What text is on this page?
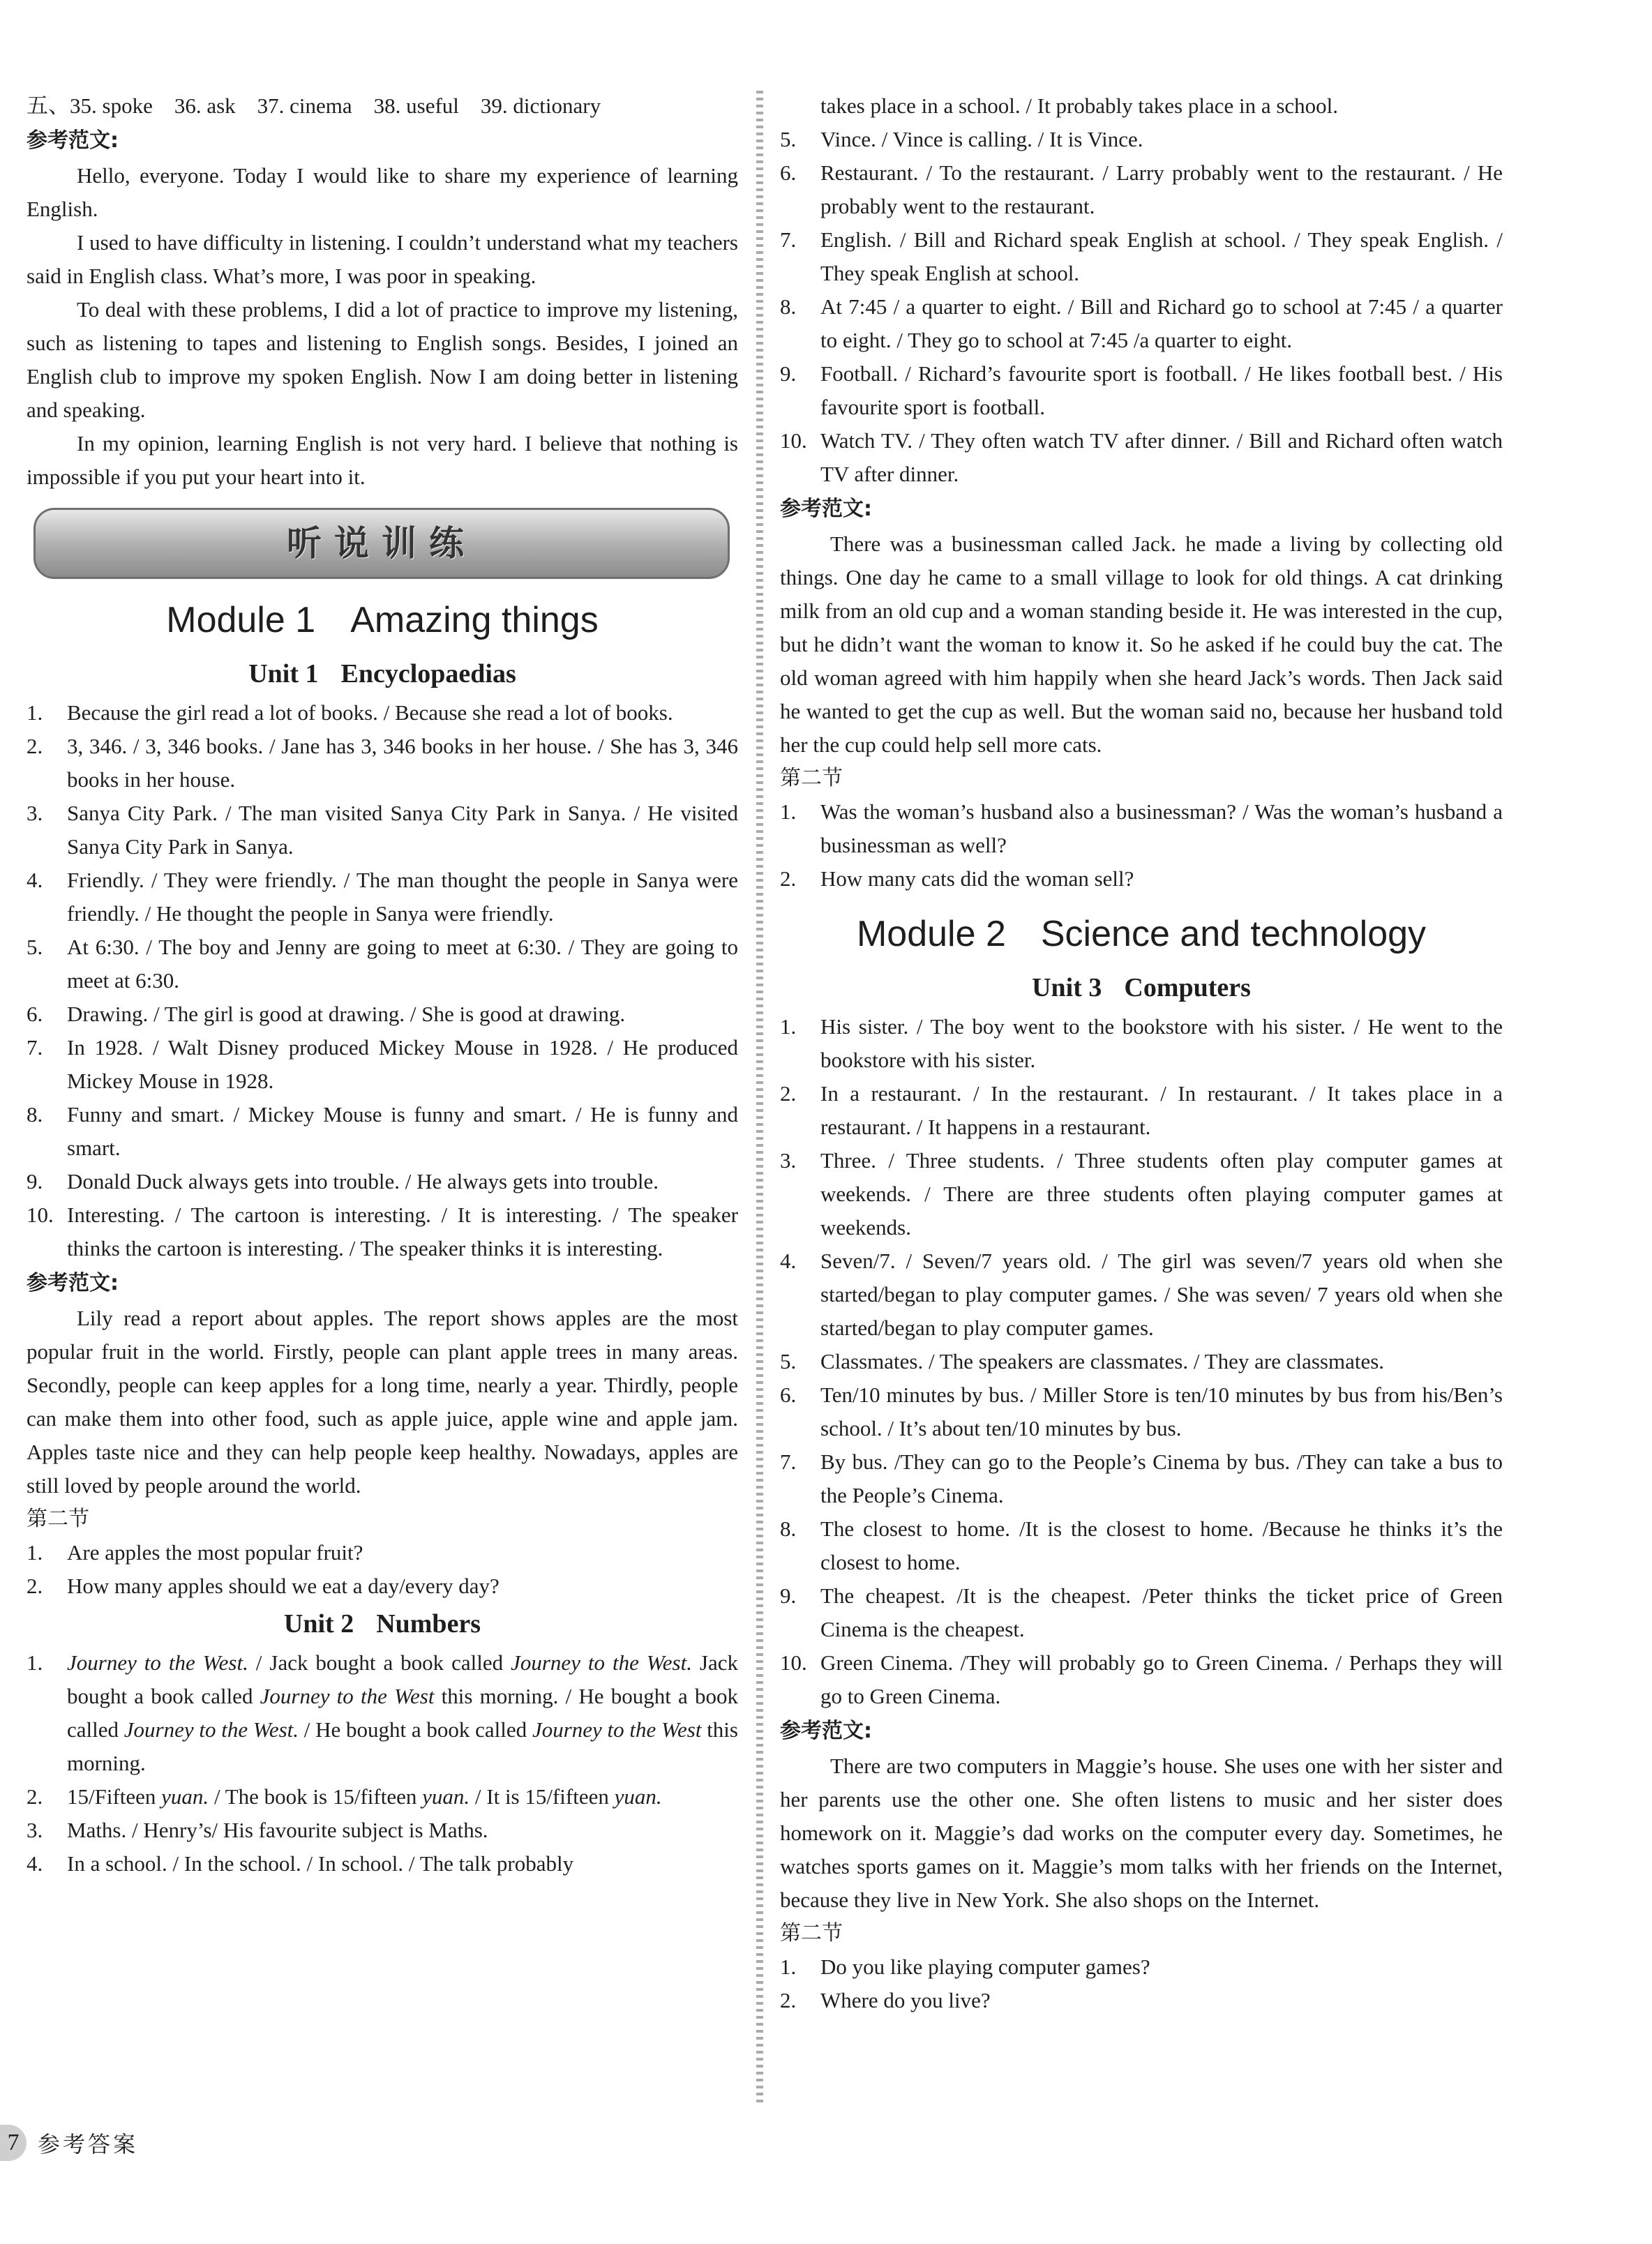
五、35. spoke　36. ask　37. cinema　38. useful　39. dictionary

参考范文:

Hello, everyone. Today I would like to share my experience of learning English.

I used to have difficulty in listening. I couldn’t understand what my teachers said in English class. What’s more, I was poor in speaking.

To deal with these problems, I did a lot of practice to improve my listening, such as listening to tapes and listening to English songs. Besides, I joined an English club to improve my spoken English. Now I am doing better in listening and speaking.

In my opinion, learning English is not very hard. I believe that nothing is impossible if you put your heart into it.

听说训练
Module 1 Amazing things
Unit 1 Encyclopaedias
1.	Because the girl read a lot of books. / Because she read a lot of books.
2.	3, 346. / 3, 346 books. / Jane has 3, 346 books in her house. / She has 3, 346 books in her house.
3.	Sanya City Park. / The man visited Sanya City Park in Sanya. / He visited Sanya City Park in Sanya.
4.	Friendly. / They were friendly. / The man thought the people in Sanya were friendly. / He thought the people in Sanya were friendly.
5.	At 6:30. / The boy and Jenny are going to meet at 6:30. / They are going to meet at 6:30.
6.	Drawing. / The girl is good at drawing. / She is good at drawing.
7.	In 1928. / Walt Disney produced Mickey Mouse in 1928. / He produced Mickey Mouse in 1928.
8.	Funny and smart. / Mickey Mouse is funny and smart. / He is funny and smart.
9.	Donald Duck always gets into trouble. / He always gets into trouble.
10. Interesting. / The cartoon is interesting. / It is interesting. / The speaker thinks the cartoon is interesting. / The speaker thinks it is interesting.

参考范文:

Lily read a report about apples. The report shows apples are the most popular fruit in the world. Firstly, people can plant apple trees in many areas. Secondly, people can keep apples for a long time, nearly a year. Thirdly, people can make them into other food, such as apple juice, apple wine and apple jam. Apples taste nice and they can help people keep healthy. Nowadays, apples are still loved by people around the world.

第二节

1.	Are apples the most popular fruit?
2.	How many apples should we eat a day/every day?
Unit 2 Numbers
1.	Journey to the West. / Jack bought a book called Journey to the West. Jack bought a book called Journey to the West this morning. / He bought a book called Journey to the West. / He bought a book called Journey to the West this morning.
2.	15/Fifteen yuan. / The book is 15/fifteen yuan. / It is 15/fifteen yuan.
3.	Maths. / Henry’s/ His favourite subject is Maths.
4.	In a school. / In the school. / In school. / The talk probably
takes place in a school. / It probably takes place in a school.
5.	Vince. / Vince is calling. / It is Vince.
6.	Restaurant. / To the restaurant. / Larry probably went to the restaurant. / He probably went to the restaurant.
7.	English. / Bill and Richard speak English at school. / They speak English. / They speak English at school.
8.	At 7:45 / a quarter to eight. / Bill and Richard go to school at 7:45 / a quarter to eight. / They go to school at 7:45 /a quarter to eight.
9.	Football. / Richard’s favourite sport is football. / He likes football best. / His favourite sport is football.
10. Watch TV. / They often watch TV after dinner. / Bill and Richard often watch TV after dinner.

参考范文:

There was a businessman called Jack. he made a living by collecting old things. One day he came to a small village to look for old things. A cat drinking milk from an old cup and a woman standing beside it. He was interested in the cup, but he didn’t want the woman to know it. So he asked if he could buy the cat. The old woman agreed with him happily when she heard Jack’s words. Then Jack said he wanted to get the cup as well. But the woman said no, because her husband told her the cup could help sell more cats.

第二节

1.	Was the woman’s husband also a businessman? / Was the woman’s husband a businessman as well?
2.	How many cats did the woman sell?
Module 2 Science and technology
Unit 3 Computers
1.	His sister. / The boy went to the bookstore with his sister. / He went to the bookstore with his sister.
2.	In a restaurant. / In the restaurant. / In restaurant. / It takes place in a restaurant. / It happens in a restaurant.
3.	Three. / Three students. / Three students often play computer games at weekends. / There are three students often playing computer games at weekends.
4.	Seven/7. / Seven/7 years old. / The girl was seven/7 years old when she started/began to play computer games. / She was seven/ 7 years old when she started/began to play computer games.
5.	Classmates. / The speakers are classmates. / They are classmates.
6.	Ten/10 minutes by bus. / Miller Store is ten/10 minutes by bus from his/Ben’s school. / It’s about ten/10 minutes by bus.
7.	By bus. /They can go to the People’s Cinema by bus. /They can take a bus to the People’s Cinema.
8.	The closest to home. /It is the closest to home. /Because he thinks it’s the closest to home.
9.	The cheapest. /It is the cheapest. /Peter thinks the ticket price of Green Cinema is the cheapest.
10. Green Cinema. /They will probably go to Green Cinema. / Perhaps they will go to Green Cinema.

参考范文:

There are two computers in Maggie’s house. She uses one with her sister and her parents use the other one. She often listens to music and her sister does homework on it. Maggie’s dad works on the computer every day. Sometimes, he watches sports games on it. Maggie’s mom talks with her friends on the Internet, because they live in New York. She also shops on the Internet.

第二节

1.	Do you like playing computer games?
2.	Where do you live?
7 参考答案
